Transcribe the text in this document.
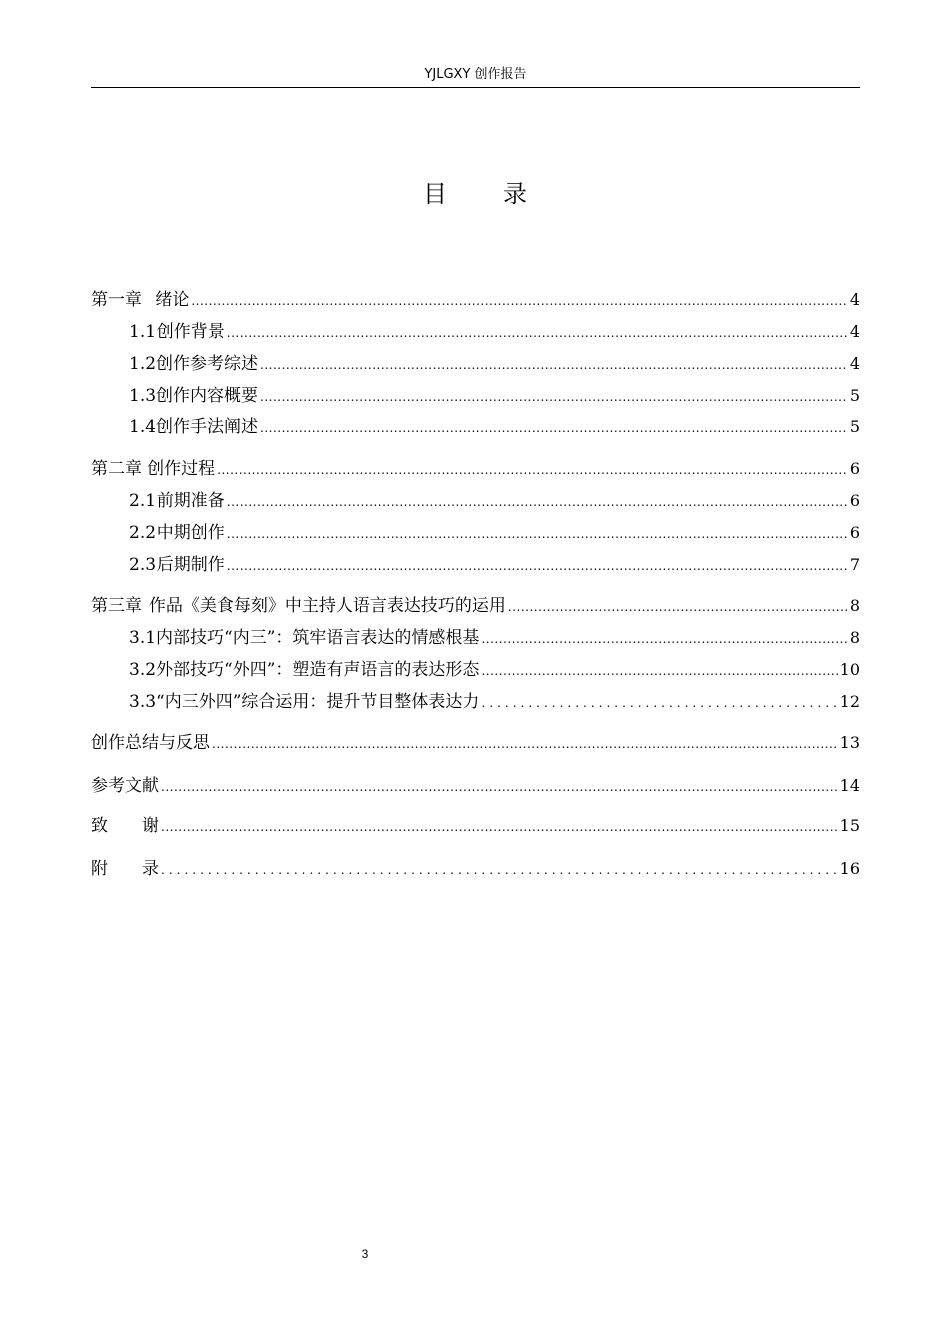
YJLGXY 创作报告
目 录
第一章 绪论 .....	4
1.1 创作背景 .....	4
1.2 创作参考综述 .....	4
1.3 创作内容概要 .....	5
1.4 创作手法阐述 .....	5
第二章 创作过程 .....	6
2.1 前期准备 .....	6
2.2 中期创作 .....	6
2.3 后期制作 .....	7
第三章 作品《美食每刻》中主持人语言表达技巧的运用 .....	8
3.1 内部技巧“内三”：筑牢语言表达的情感根基 .....	8
3.2 外部技巧“外四”：塑造有声语言的表达形态 .....	10
3.3 “内三外四”综合运用：提升节目整体表达力 .....	12
创作总结与反思 .....	13
参考文献 .....	14
致　　谢 .....	15
附　　录 .....	16
3
